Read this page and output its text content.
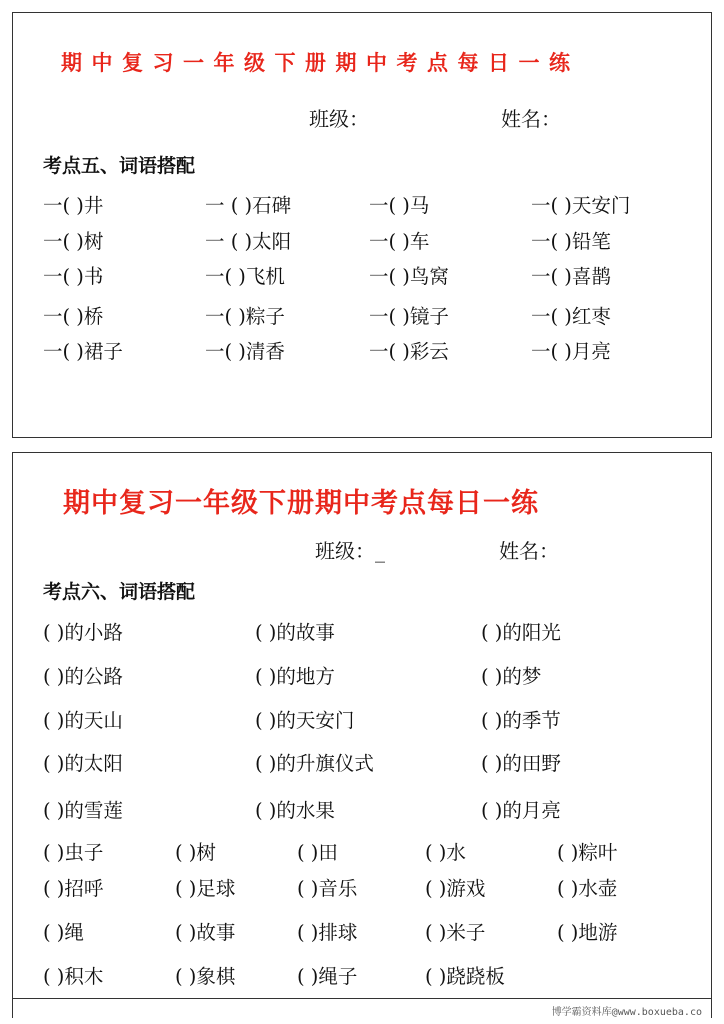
期中复习一年级下册期中考点每日一练
班级：	姓名：
考点五、词语搭配
一( )井	一 ( )石碑	一( )马	一( )天安门
一( )树	一 ( )太阳	一( )车	一( )铅笔
一( )书	一( )飞机	一( )鸟窝	一( )喜鹊
一( )桥	一( )粽子	一( )镜子	一( )红枣
一( )裙子	一( )清香	一( )彩云	一( )月亮
期中复习一年级下册期中考点每日一练
班级：_	姓名：
考点六、词语搭配
( )的小路	( )的故事	( )的阳光
( )的公路	( )的地方	( )的梦
( )的天山	( )的天安门	( )的季节
( )的太阳	( )的升旗仪式	( )的田野
( )的雪莲	( )的水果	( )的月亮
( )虫子	( )树	( )田	( )水	( )粽叶
( )招呼	( )足球	( )音乐	( )游戏	( )水壶
( )绳	( )故事	( )排球	( )米子	( )地游
( )积木	( )象棋	( )绳子	( )跷跷板
博学霸资料库@www.boxueba.co
